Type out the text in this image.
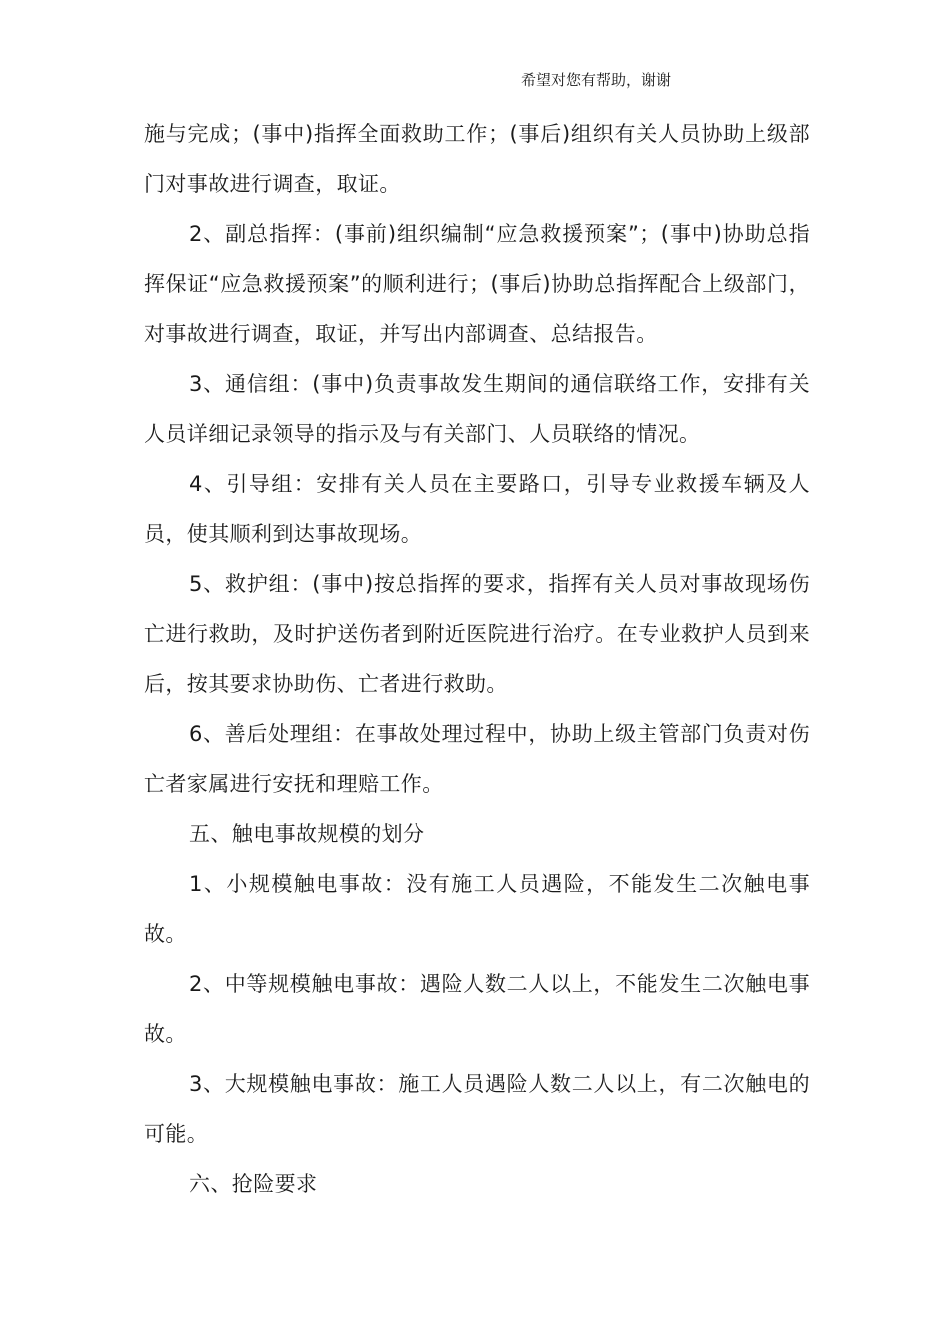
希望对您有帮助，谢谢

施与完成；(事中)指挥全面救助工作；(事后)组织有关人员协助上级部门对事故进行调查，取证。

2、副总指挥：(事前)组织编制“应急救援预案”；(事中)协助总指挥保证“应急救援预案”的顺利进行；(事后)协助总指挥配合上级部门，对事故进行调查，取证，并写出内部调查、总结报告。

3、通信组：(事中)负责事故发生期间的通信联络工作，安排有关人员详细记录领导的指示及与有关部门、人员联络的情况。

4、引导组：安排有关人员在主要路口，引导专业救援车辆及人员，使其顺利到达事故现场。

5、救护组：(事中)按总指挥的要求，指挥有关人员对事故现场伤亡进行救助，及时护送伤者到附近医院进行治疗。在专业救护人员到来后，按其要求协助伤、亡者进行救助。

6、善后处理组：在事故处理过程中，协助上级主管部门负责对伤亡者家属进行安抚和理赔工作。

五、触电事故规模的划分

1、小规模触电事故：没有施工人员遇险，不能发生二次触电事故。

2、中等规模触电事故：遇险人数二人以上，不能发生二次触电事故。

3、大规模触电事故：施工人员遇险人数二人以上，有二次触电的可能。

六、抢险要求
